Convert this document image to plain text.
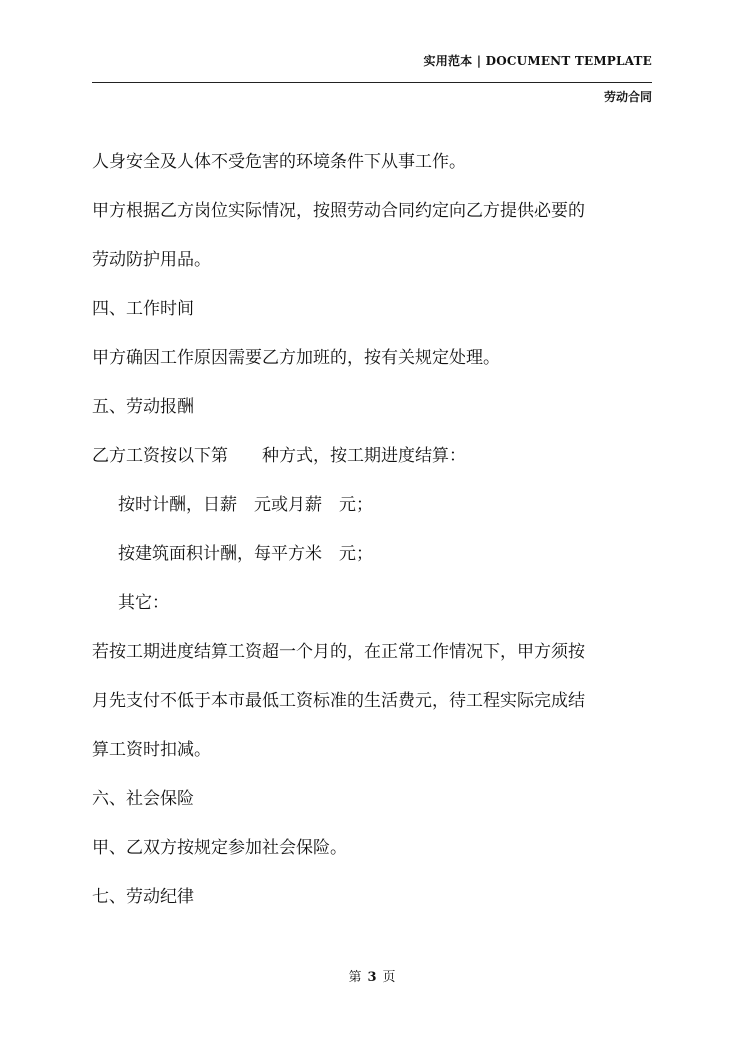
实用范本 | DOCUMENT TEMPLATE
劳动合同
人身安全及人体不受危害的环境条件下从事工作。
甲方根据乙方岗位实际情况，按照劳动合同约定向乙方提供必要的
劳动防护用品。
四、工作时间
甲方确因工作原因需要乙方加班的，按有关规定处理。
五、劳动报酬
乙方工资按以下第　　种方式，按工期进度结算：
按时计酬，日薪　元或月薪　元；
按建筑面积计酬，每平方米　元；
其它：
若按工期进度结算工资超一个月的，在正常工作情况下，甲方须按
月先支付不低于本市最低工资标准的生活费元，待工程实际完成结
算工资时扣减。
六、社会保险
甲、乙双方按规定参加社会保险。
七、劳动纪律
第 3 页
